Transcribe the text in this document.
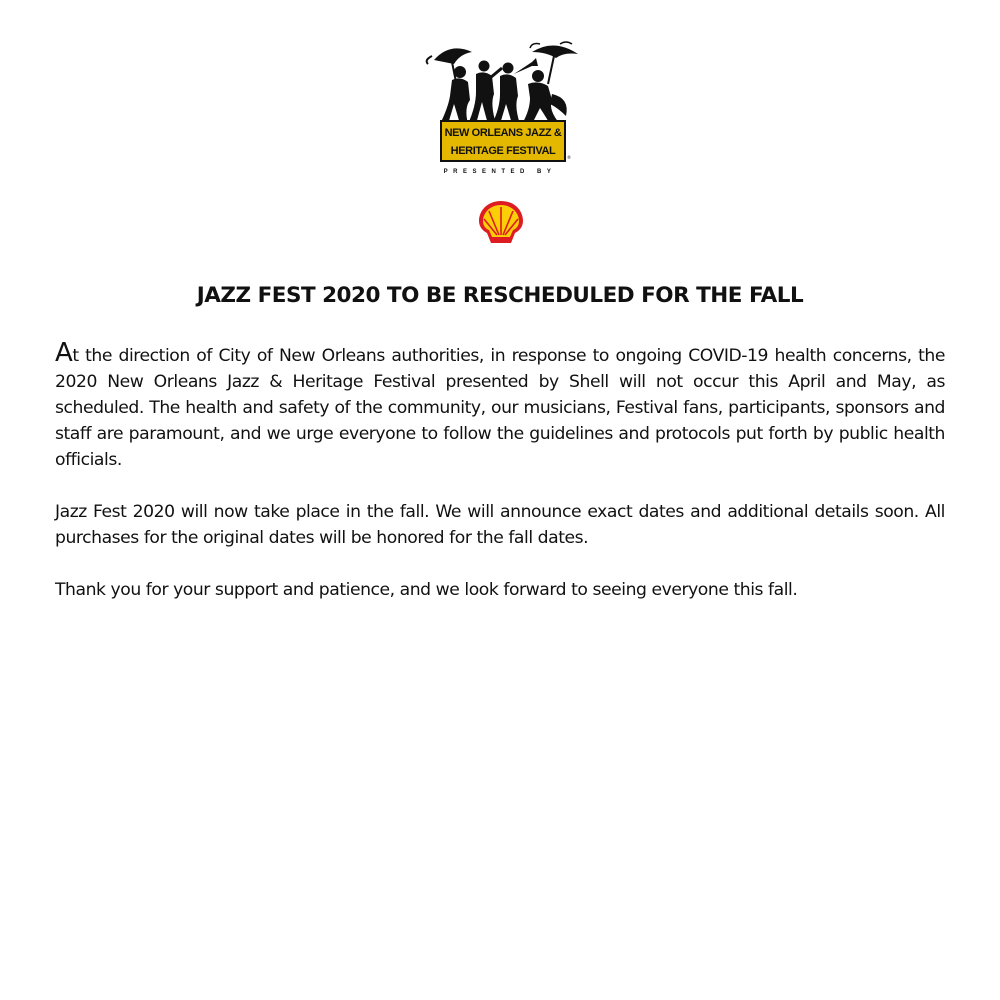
NEW ORLEANS JAZZ &
HERITAGE FESTIVAL
®
PRESENTED BY
JAZZ FEST 2020 TO BE RESCHEDULED FOR THE FALL

At the direction of City of New Orleans authorities, in response to ongoing COVID-19 health concerns, the 2020 New Orleans Jazz & Heritage Festival presented by Shell will not occur this April and May, as scheduled. The health and safety of the community, our musicians, Festival fans, participants, sponsors and staff are paramount, and we urge everyone to follow the guidelines and protocols put forth by public health officials.

Jazz Fest 2020 will now take place in the fall. We will announce exact dates and additional details soon. All purchases for the original dates will be honored for the fall dates.

Thank you for your support and patience, and we look forward to seeing everyone this fall.
